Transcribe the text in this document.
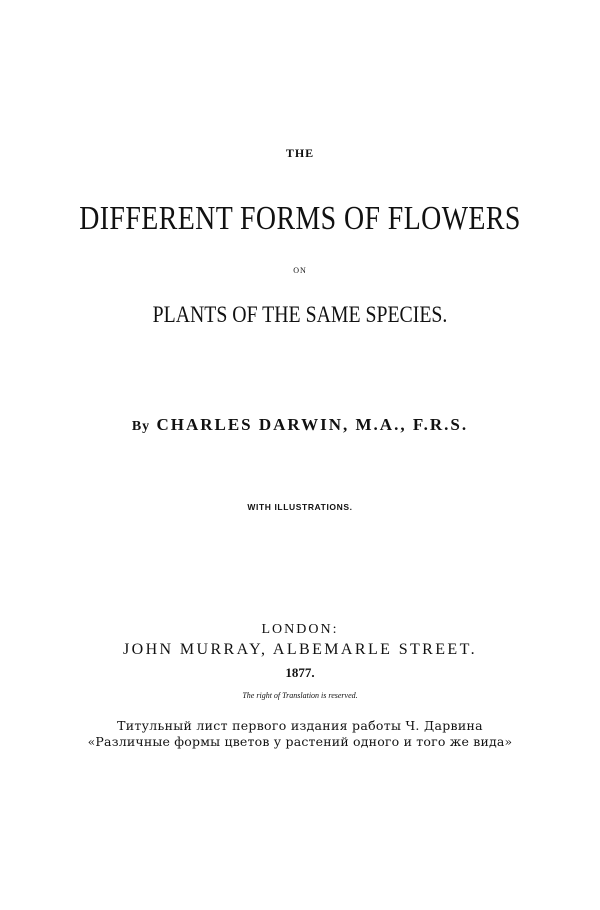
THE
DIFFERENT FORMS OF FLOWERS
ON
PLANTS OF THE SAME SPECIES.
By CHARLES DARWIN, M.A., F.R.S.
WITH ILLUSTRATIONS.
LONDON:
JOHN MURRAY, ALBEMARLE STREET.
1877.
The right of Translation is reserved.
Титульный лист первого издания работы Ч. Дарвина
«Различные формы цветов у растений одного и того же вида»
